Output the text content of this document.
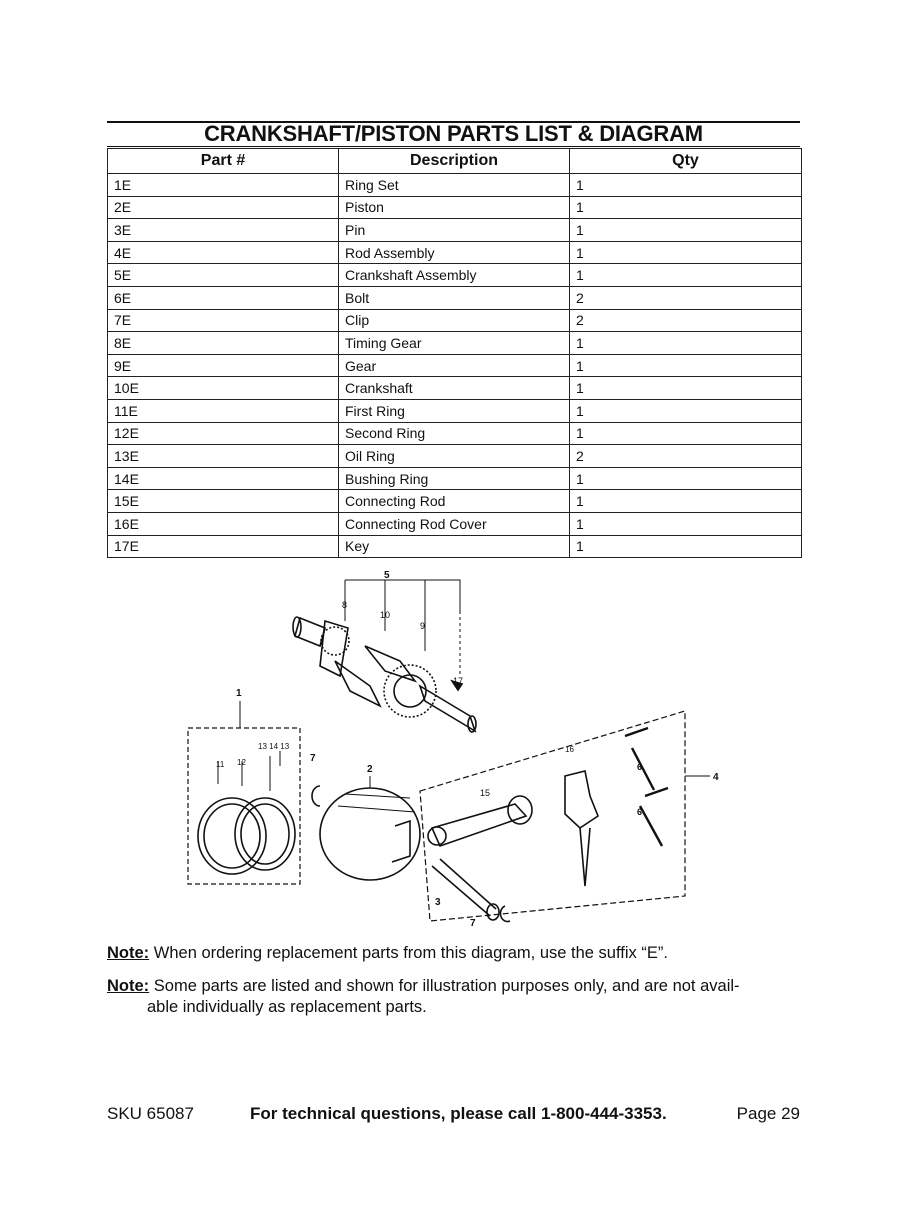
CRANKSHAFT/PISTON PARTS LIST & DIAGRAM
Part #	Description	Qty
1E	Ring Set	1
2E	Piston	1
3E	Pin	1
4E	Rod Assembly	1
5E	Crankshaft Assembly	1
6E	Bolt	2
7E	Clip	2
8E	Timing Gear	1
9E	Gear	1
10E	Crankshaft	1
11E	First Ring	1
12E	Second Ring	1
13E	Oil Ring	2
14E	Bushing Ring	1
15E	Connecting Rod	1
16E	Connecting Rod Cover	1
17E	Key	1
5
8
10
9
17
1
13 14 13
11 12	7
2
16
6
4
15
6
3
7
Note: When ordering replacement parts from this diagram, use the suffix “E”.
Note: Some parts are listed and shown for illustration purposes only, and are not avail-
able individually as replacement parts.
SKU 65087	For technical questions, please call 1-800-444-3353.	Page 29
